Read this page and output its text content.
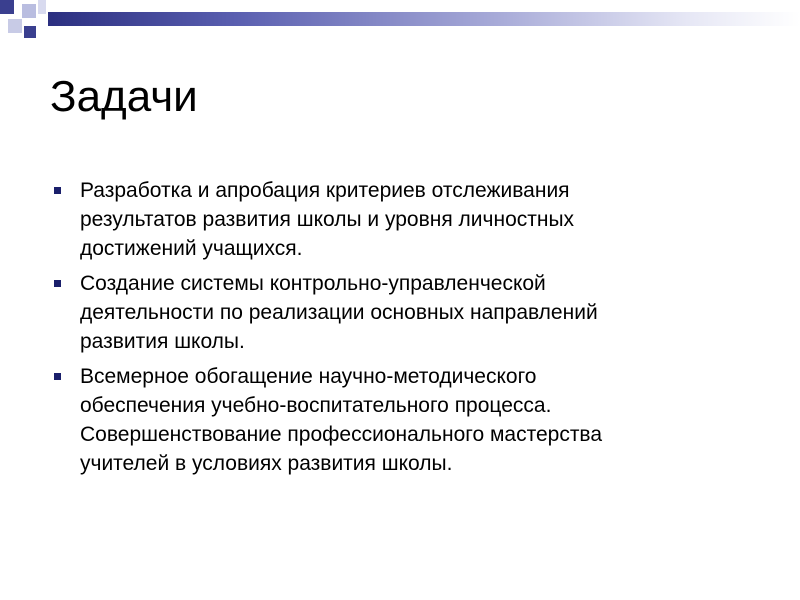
Задачи
Разработка и апробация критериев отслеживания
результатов развития школы и уровня личностных
достижений учащихся.
Создание системы контрольно-управленческой
деятельности по реализации основных направлений
развития школы.
Всемерное обогащение научно-методического
обеспечения учебно-воспитательного процесса.
Совершенствование профессионального мастерства
учителей в условиях развития школы.
